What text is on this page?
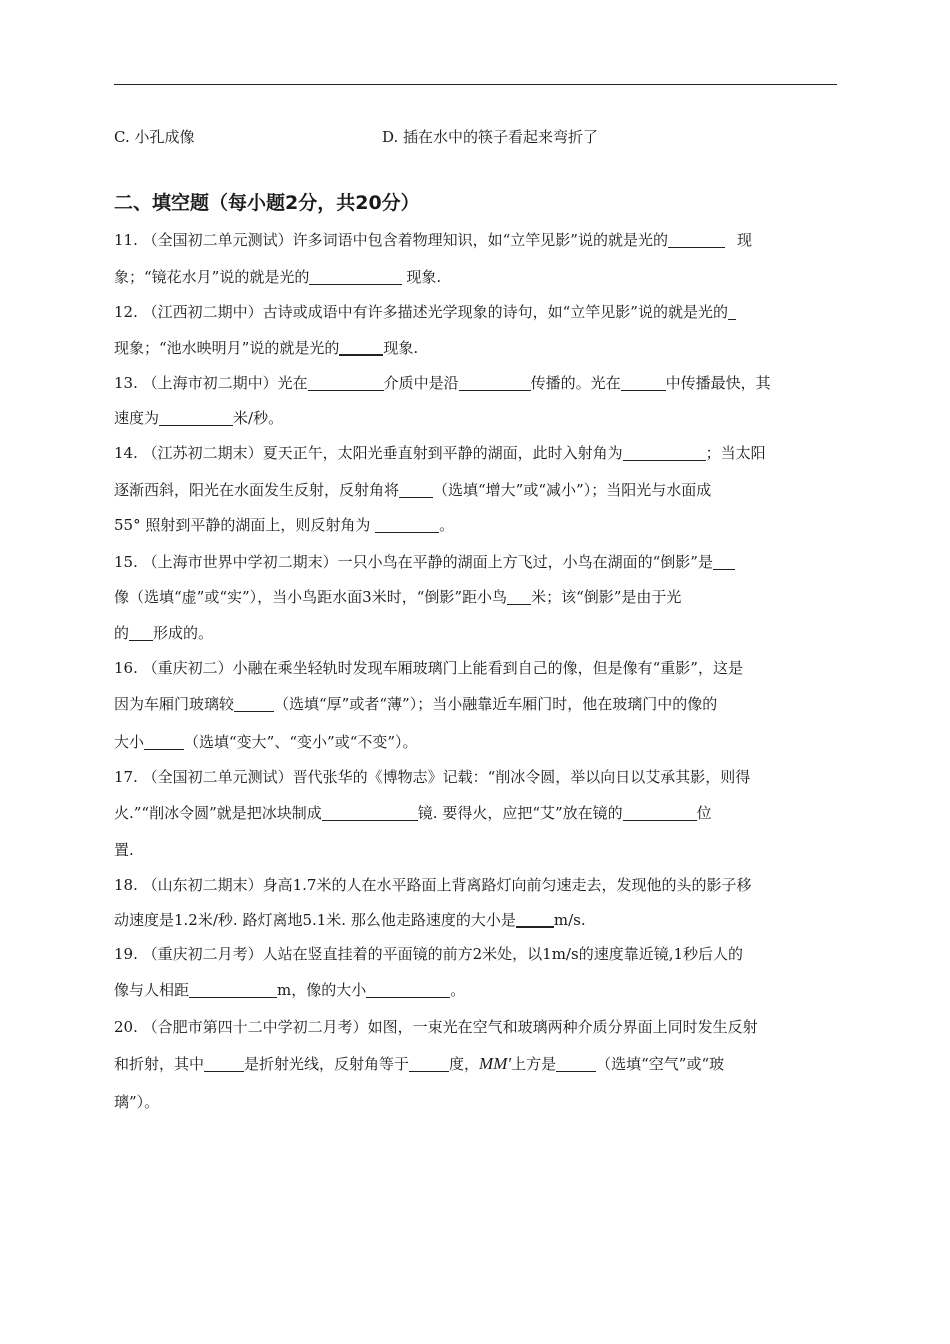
C. 小孔成像	D. 插在水中的筷子看起来弯折了
二、填空题（每小题2分，共20分）
11. （全国初二单元测试）许多词语中包含着物理知识，如“立竿见影”说的就是光的	现
象；“镜花水月”说的就是光的	现象.
12. （江西初二期中）古诗或成语中有许多描述光学现象的诗句，如“立竿见影”说的就是光的
现象；“池水映明月”说的就是光的	现象.
13. （上海市初二期中）光在	介质中是沿	传播的。光在	中传播最快，其
速度为	米/秒。
14. （江苏初二期末）夏天正午，太阳光垂直射到平静的湖面，此时入射角为	；当太阳
逐渐西斜，阳光在水面发生反射，反射角将 （选填“增大”或“减小”）；当阳光与水面成
55° 照射到平静的湖面上，则反射角为	。
15. （上海市世界中学初二期末）一只小鸟在平静的湖面上方飞过，小鸟在湖面的“倒影”是
像（选填“虚”或“实”），当小鸟距水面3米时，“倒影”距小鸟 米；该“倒影”是由于光
的 形成的。
16. （重庆初二）小融在乘坐轻轨时发现车厢玻璃门上能看到自己的像，但是像有“重影”，这是
因为车厢门玻璃较	（选填“厚”或者“薄”）；当小融靠近车厢门时，他在玻璃门中的像的
大小	（选填“变大”、“变小”或“不变”）。
17. （全国初二单元测试）晋代张华的《博物志》记载：“削冰令圆，举以向日以艾承其影，则得
火.”“削冰令圆”就是把冰块制成	镜. 要得火，应把“艾”放在镜的	位
置.
18. （山东初二期末）身高1.7米的人在水平路面上背离路灯向前匀速走去，发现他的头的影子移
动速度是1.2米/秒. 路灯离地5.1米. 那么他走路速度的大小是	m/s.
19. （重庆初二月考）人站在竖直挂着的平面镜的前方2米处，以1m/s的速度靠近镜,1秒后人的
像与人相距	m，像的大小	。
20. （合肥市第四十二中学初二月考）如图，一束光在空气和玻璃两种介质分界面上同时发生反射
和折射，其中	是折射光线，反射角等于	度，MM′上方是	（选填“空气”或“玻
璃”）。
